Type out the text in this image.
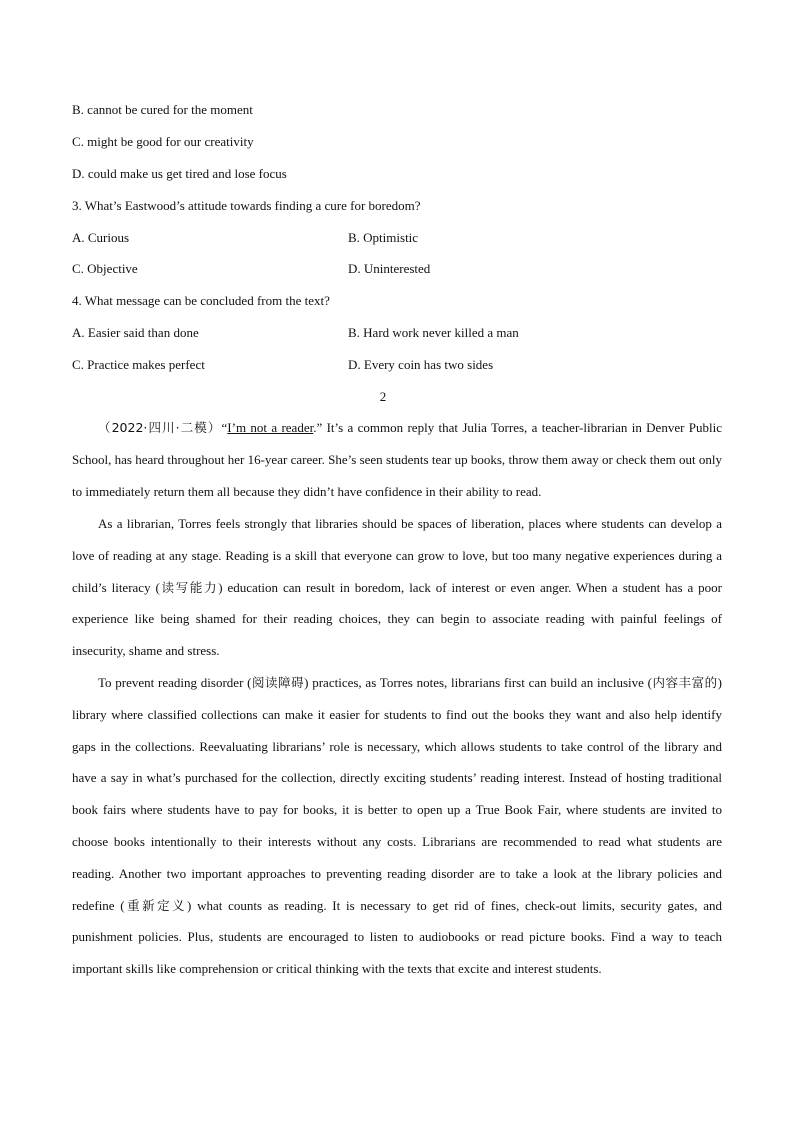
B. cannot be cured for the moment

C. might be good for our creativity

D. could make us get tired and lose focus

3. What’s Eastwood’s attitude towards finding a cure for boredom?

A. Curious	B. Optimistic

C. Objective	D. Uninterested

4. What message can be concluded from the text?

A. Easier said than done	B. Hard work never killed a man

C. Practice makes perfect	D. Every coin has two sides

2

（2022·四川·二模）“I’m not a reader.” It’s a common reply that Julia Torres, a teacher-librarian in Denver Public School, has heard throughout her 16-year career. She’s seen students tear up books, throw them away or check them out only to immediately return them all because they didn’t have confidence in their ability to read.

As a librarian, Torres feels strongly that libraries should be spaces of liberation, places where students can develop a love of reading at any stage. Reading is a skill that everyone can grow to love, but too many negative experiences during a child’s literacy (读写能力) education can result in boredom, lack of interest or even anger. When a student has a poor experience like being shamed for their reading choices, they can begin to associate reading with painful feelings of insecurity, shame and stress.

To prevent reading disorder (阅读障碍) practices, as Torres notes, librarians first can build an inclusive (内容丰富的) library where classified collections can make it easier for students to find out the books they want and also help identify gaps in the collections. Reevaluating librarians’ role is necessary, which allows students to take control of the library and have a say in what’s purchased for the collection, directly exciting students’ reading interest. Instead of hosting traditional book fairs where students have to pay for books, it is better to open up a True Book Fair, where students are invited to choose books intentionally to their interests without any costs. Librarians are recommended to read what students are reading. Another two important approaches to preventing reading disorder are to take a look at the library policies and redefine (重新定义) what counts as reading. It is necessary to get rid of fines, check-out limits, security gates, and punishment policies. Plus, students are encouraged to listen to audiobooks or read picture books. Find a way to teach important skills like comprehension or critical thinking with the texts that excite and interest students.
